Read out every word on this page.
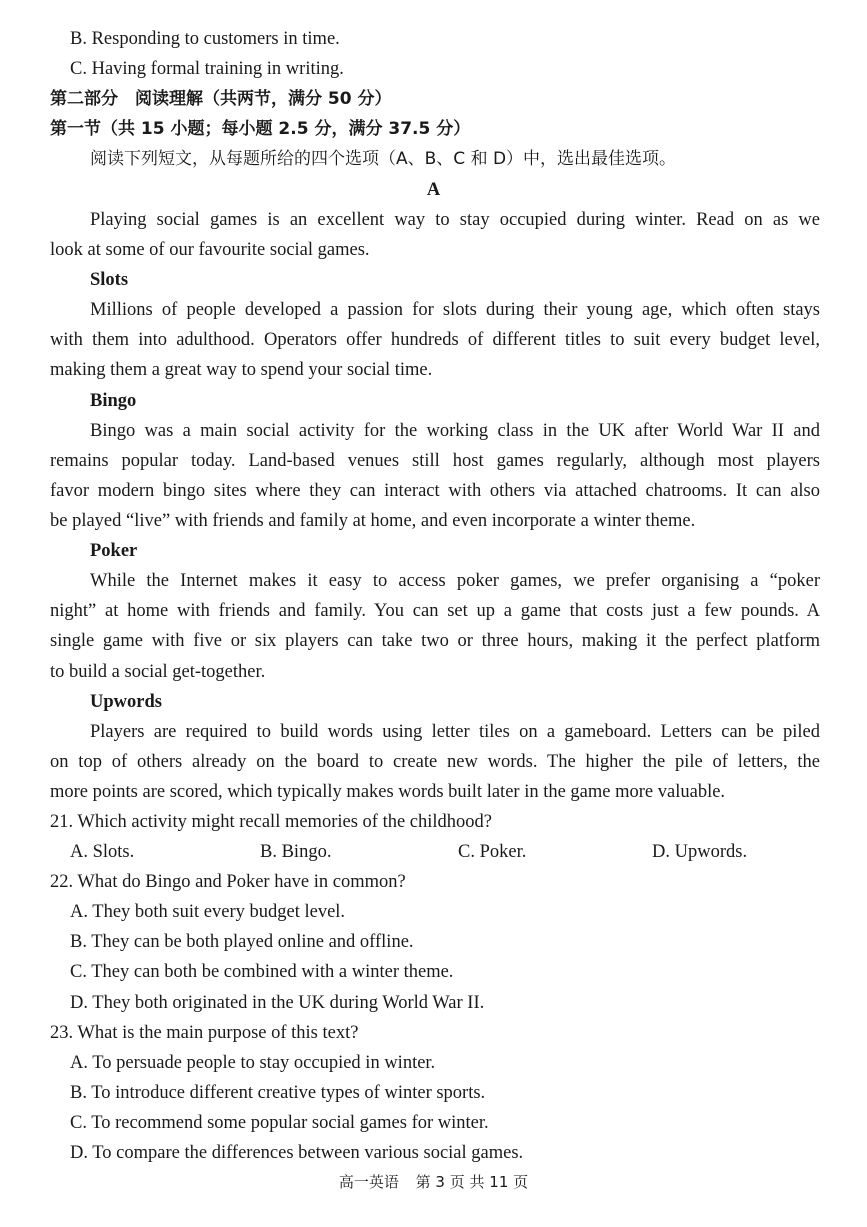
B. Responding to customers in time.
C. Having formal training in writing.
第二部分　阅读理解（共两节，满分 50 分）
第一节（共 15 小题；每小题 2.5 分，满分 37.5 分）
阅读下列短文，从每题所给的四个选项（A、B、C 和 D）中，选出最佳选项。
A
Playing social games is an excellent way to stay occupied during winter. Read on as we
look at some of our favourite social games.
Slots
Millions of people developed a passion for slots during their young age, which often stays
with them into adulthood. Operators offer hundreds of different titles to suit every budget level,
making them a great way to spend your social time.
Bingo
Bingo was a main social activity for the working class in the UK after World War II and
remains popular today. Land-based venues still host games regularly, although most players
favor modern bingo sites where they can interact with others via attached chatrooms. It can also
be played “live” with friends and family at home, and even incorporate a winter theme.
Poker
While the Internet makes it easy to access poker games, we prefer organising a “poker
night” at home with friends and family. You can set up a game that costs just a few pounds. A
single game with five or six players can take two or three hours, making it the perfect platform
to build a social get-together.
Upwords
Players are required to build words using letter tiles on a gameboard. Letters can be piled
on top of others already on the board to create new words. The higher the pile of letters, the
more points are scored, which typically makes words built later in the game more valuable.
21. Which activity might recall memories of the childhood?
A. Slots.	B. Bingo.	C. Poker.	D. Upwords.
22. What do Bingo and Poker have in common?
A. They both suit every budget level.
B. They can be both played online and offline.
C. They can both be combined with a winter theme.
D. They both originated in the UK during World War II.
23. What is the main purpose of this text?
A. To persuade people to stay occupied in winter.
B. To introduce different creative types of winter sports.
C. To recommend some popular social games for winter.
D. To compare the differences between various social games.
高一英语 第 3 页 共 11 页
